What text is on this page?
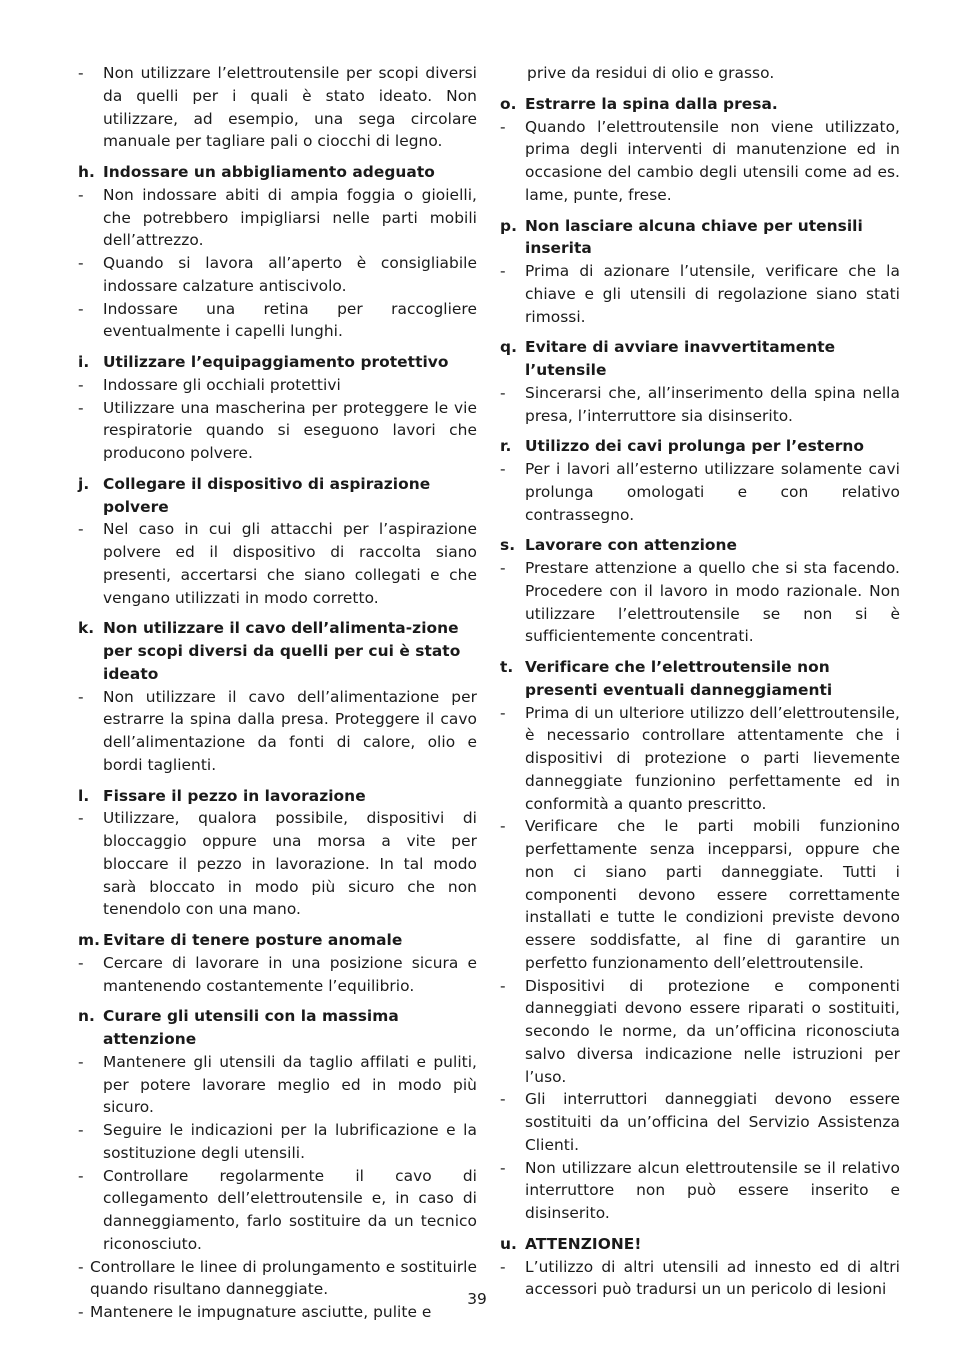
-	Non utilizzare l’elettroutensile per scopi diversi da quelli per i quali è stato ideato. Non utilizzare, ad esempio, una sega circolare manuale per tagliare pali o ciocchi di legno.
h. Indossare un abbigliamento adeguato
-	Non indossare abiti di ampia foggia o gioielli, che potrebbero impigliarsi nelle parti mobili dell’attrezzo.
-	Quando si lavora all’aperto è consigliabile indossare calzature antiscivolo.
-	Indossare una retina per raccogliere eventualmente i capelli lunghi.
i. Utilizzare l’equipaggiamento protettivo
-	Indossare gli occhiali protettivi
-	Utilizzare una mascherina per proteggere le vie respiratorie quando si eseguono lavori che producono polvere.
j. Collegare il dispositivo di aspirazione polvere
-	Nel caso in cui gli attacchi per l’aspirazione polvere ed il dispositivo di raccolta siano presenti, accertarsi che siano collegati e che vengano utilizzati in modo corretto.
k. Non utilizzare il cavo dell’alimenta-zione per scopi diversi da quelli per cui è stato ideato
-	Non utilizzare il cavo dell’alimentazione per estrarre la spina dalla presa. Proteggere il cavo dell’alimentazione da fonti di calore, olio e bordi taglienti.
l. Fissare il pezzo in lavorazione
-	Utilizzare, qualora possibile, dispositivi di bloccaggio oppure una morsa a vite per bloccare il pezzo in lavorazione. In tal modo sarà bloccato in modo più sicuro che non tenendolo con una mano.
m. Evitare di tenere posture anomale
-	Cercare di lavorare in una posizione sicura e mantenendo costantemente l’equilibrio.
n. Curare gli utensili con la massima attenzione
-	Mantenere gli utensili da taglio affilati e puliti, per potere lavorare meglio ed in modo più sicuro.
-	Seguire le indicazioni per la lubrificazione e la sostituzione degli utensili.
-	Controllare regolarmente il cavo di collegamento dell’elettroutensile e, in caso di danneggiamento, farlo sostituire da un tecnico riconosciuto.
- Controllare le linee di prolungamento e sostituirle quando risultano danneggiate.
- Mantenere le impugnature asciutte, pulite e
prive da residui di olio e grasso.
o. Estrarre la spina dalla presa.
-	Quando l’elettroutensile non viene utilizzato, prima degli interventi di manutenzione ed in occasione del cambio degli utensili come ad es. lame, punte, frese.
p. Non lasciare alcuna chiave per utensili inserita
-	Prima di azionare l’utensile, verificare che la chiave e gli utensili di regolazione siano stati rimossi.
q. Evitare di avviare inavvertitamente l’utensile
-	Sincerarsi che, all’inserimento della spina nella presa, l’interruttore sia disinserito.
r. Utilizzo dei cavi prolunga per l’esterno
-	Per i lavori all’esterno utilizzare solamente cavi prolunga omologati e con relativo contrassegno.
s. Lavorare con attenzione
-	Prestare attenzione a quello che si sta facendo. Procedere con il lavoro in modo razionale. Non utilizzare l’elettroutensile se non si è sufficientemente concentrati.
t. Verificare che l’elettroutensile non presenti eventuali danneggiamenti
-	Prima di un ulteriore utilizzo dell’elettroutensile, è necessario controllare attentamente che i dispositivi di protezione o parti lievemente danneggiate funzionino perfettamente ed in conformità a quanto prescritto.
-	Verificare che le parti mobili funzionino perfettamente senza incepparsi, oppure che non ci siano parti danneggiate. Tutti i componenti devono essere correttamente installati e tutte le condizioni previste devono essere soddisfatte, al fine di garantire un perfetto funzionamento dell’elettroutensile.
-	Dispositivi di protezione e componenti danneggiati devono essere riparati o sostituiti, secondo le norme, da un’officina riconosciuta salvo diversa indicazione nelle istruzioni per l’uso.
-	Gli interruttori danneggiati devono essere sostituiti da un’officina del Servizio Assistenza Clienti.
-	Non utilizzare alcun elettroutensile se il relativo interruttore non può essere inserito e disinserito.
u. ATTENZIONE!
-	L’utilizzo di altri utensili ad innesto ed di altri accessori può tradursi un un pericolo di lesioni
39
